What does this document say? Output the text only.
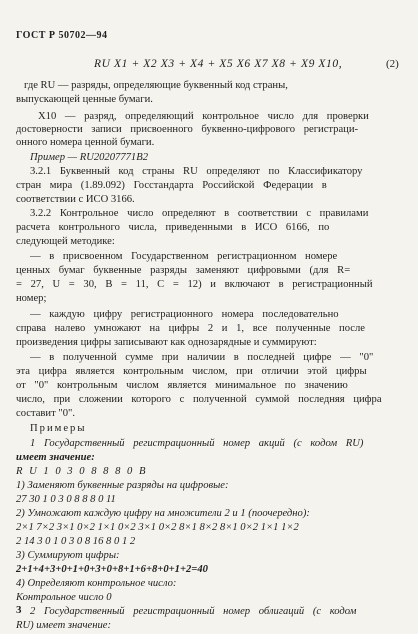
ГОСТ Р 50702—94
RU X1 + X2 X3 + X4 + X5 X6 X7 X8 + X9 X10,	(2)
где RU — разряды, определяющие буквенный код страны,
выпускающей ценные бумаги.
X10 — разряд, определяющий контрольное число для проверки
достоверности записи присвоенного буквенно-цифрового регистраци-
онного номера ценной бумаги.
Пример — RU20207771B2
3.2.1 Буквенный код страны RU определяют по Классификатору
стран мира (1.89.092) Госстандарта Российской Федерации в
соответствии с ИСО 3166.
3.2.2 Контрольное число определяют в соответствии с правилами
расчета контрольного числа, приведенными в ИСО 6166, по
следующей методике:
— в присвоенном Государственном регистрационном номере
ценных бумаг буквенные разряды заменяют цифровыми (для R=
= 27, U = 30, B = 11, C = 12) и включают в регистрационный
номер;
— каждую цифру регистрационного номера последовательно
справа налево умножают на цифры 2 и 1, все полученные после
произведения цифры записывают как однозарядные и суммируют:
— в полученной сумме при наличии в последней цифре — "0"
эта цифра является контрольным числом, при отличии этой цифры
от "0" контрольным числом является минимальное по значению
число, при сложении которого с полученной суммой последняя цифра
составит "0".
Примеры
1 Государственный регистрационный номер акций (с кодом RU)
имеет значение:
R U 1 0 3 0 8 8 8 0 B
1) Заменяют буквенные разряды на цифровые:
27 30 1 0 3 0 8 8 8 0 11
2) Умножают каждую цифру на множители 2 и 1 (поочередно):
2×1 7×2 3×1 0×2 1×1 0×2 3×1 0×2 8×1 8×2 8×1 0×2 1×1 1×2
2 14 3 0 1 0 3 0 8 16 8 0 1 2
3) Суммируют цифры:
2+1+4+3+0+1+0+3+0+8+1+6+8+0+1+2=40
4) Определяют контрольное число:
Контрольное число 0
2 Государственный регистрационный номер облигаций (с кодом
RU) имеет значение:
3
